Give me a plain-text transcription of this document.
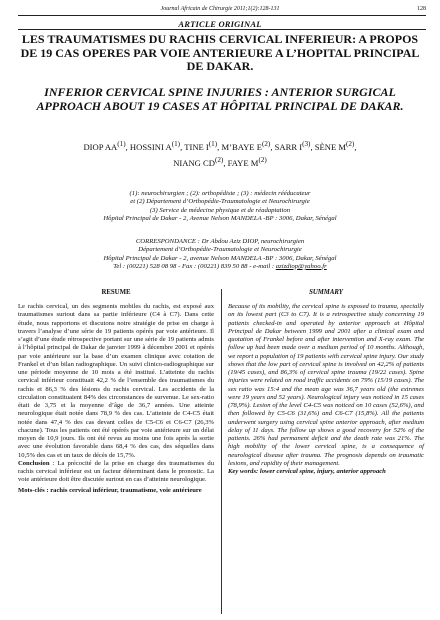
Journal Africain de Chirurgie 2011;1(2):128-131	128
ARTICLE ORIGINAL
LES TRAUMATISMES DU RACHIS CERVICAL INFERIEUR: A PROPOS DE 19 CAS OPERES PAR VOIE ANTERIEURE A L’HOPITAL PRINCIPAL DE DAKAR.
INFERIOR CERVICAL SPINE INJURIES : ANTERIOR SURGICAL APPROACH ABOUT 19 CASES AT HÔPITAL PRINCIPAL DE DAKAR.
DIOP AA$^{(1)}$, HOSSINI $A^{(1)}$, TINE $I^{(1)}$, M’BAYE $E^{(2)}$, SARR $I^{(3)}$, SÈNE $M^{(2)}$,
NIANG CD$^{(2)}$, FAYE $M^{(2)}$
(1): neurochirurgien ; (2): orthopédiste ; (3) : médecin rééducateur
et (2) Département d’Orthopédie-Traumatologie et Neurochirurgie
(3) Service de médecine physique et de réadaptation
Hôpital Principal de Dakar - 2, Avenue Nelson MANDELA -BP : 3006, Dakar, Sénégal
CORRESPONDANCE : Dr Abdou Aziz DIOP, neurochirurgien
Département d’Orthopédie-Traumatologie et Neurochirurgie
Hôpital Principal de Dakar - 2, avenue Nelson MANDELA -BP : 3006, Dakar, Sénégal
Tel : (00221) 528 08 98 - Fax : (00221) 839 50 88 - e-mail : azizdiop@yahoo.fr
RESUME

Le rachis cervical, un des segments mobiles du rachis, est exposé aux traumatismes surtout dans sa partie inférieure (C4 à C7). Dans cette étude, nous rapportons et discutons notre stratégie de prise en charge à travers l’analyse d’une série de 19 patients opérés par voie antérieure. Il s’agit d’une étude rétrospective portant sur une série de 19 patients admis à l’hôpital principal de Dakar de janvier 1999 à décembre 2001 et opérés par voie antérieure sur la base d’un examen clinique avec cotation de Frankel et d’un bilan radiographique. Un suivi clinico-radiographique sur une période moyenne de 10 mois a été institué. L’atteinte du rachis cervical inférieur constituait 42,2 % de l’ensemble des traumatismes du rachis et 86,3 % des lésions du rachis cervical. Les accidents de la circulation constituaient 84% des circonstances de survenue. Le sex-ratio était de 3,75 et la moyenne d’âge de 36,7 années. Une atteinte neurologique était notée dans 78,9 % des cas. L’atteinte de C4-C5 était notée dans 47,4 % des cas devant celles de C5-C6 et C6-C7 (26,3% chacune). Tous les patients ont été opérés par voie antérieure sur un délai moyen de 10,9 jours. Ils ont été revus au moins une fois après la sortie avec une évolution favorable dans 68,4 % des cas, des séquelles dans 10,5% des cas et un taux de décès de 15,7%.

Conclusion : La précocité de la prise en charge des traumatismes du rachis cervical inférieur est un facteur déterminant dans le pronostic. La voie antérieure doit être discutée surtout en cas d’atteinte neurologique.

Mots-clés : rachis cervical inférieur, traumatisme, voie antérieure

SUMMARY

Because of its mobility, the cervical spine is exposed to trauma, specially on its lowest part (C3 to C7). It is a retrospective study concerning 19 patients checked-in and operated by anterior approach at Hôpital Principal de Dakar between 1999 and 2001 after a clinical exam and quotation of Frankel before and after intervention and X-ray exam. The follow up had been made over a medium period of 10 months. Although, we report a population of 19 patients with cervical spine injury. Our study shows that the low part of cervical spine is involved on 42,2% of patients (19/45 cases), and 86,3% of cervical spine trauma (19/22 cases). Spine injuries were related on road traffic accidents on 79% (15/19 cases). The sex ratio was 15:4 and the mean age was 36,7 years old (the extremes were 19 years and 52 years). Neurological injury was noticed in 15 cases (78,9%). Lesion of the level C4-C5 was noticed on 10 cases (52,6%), and then followed by C5-C6 (31,6%) and C6-C7 (15,8%). All the patients underwent surgery using cervical spine anterior approach, after medium delay of 11 days. The follow up shows a good recovery for 52% of the patients. 26% had permanent deficit and the death rate was 21%. The high mobility of the lower cervical spine, is a consequence of neurological disease after trauma. The prognosis depends on traumatic lesions, and rapidity of their management.

Key words: lower cervical spine, injury, anterior approach
